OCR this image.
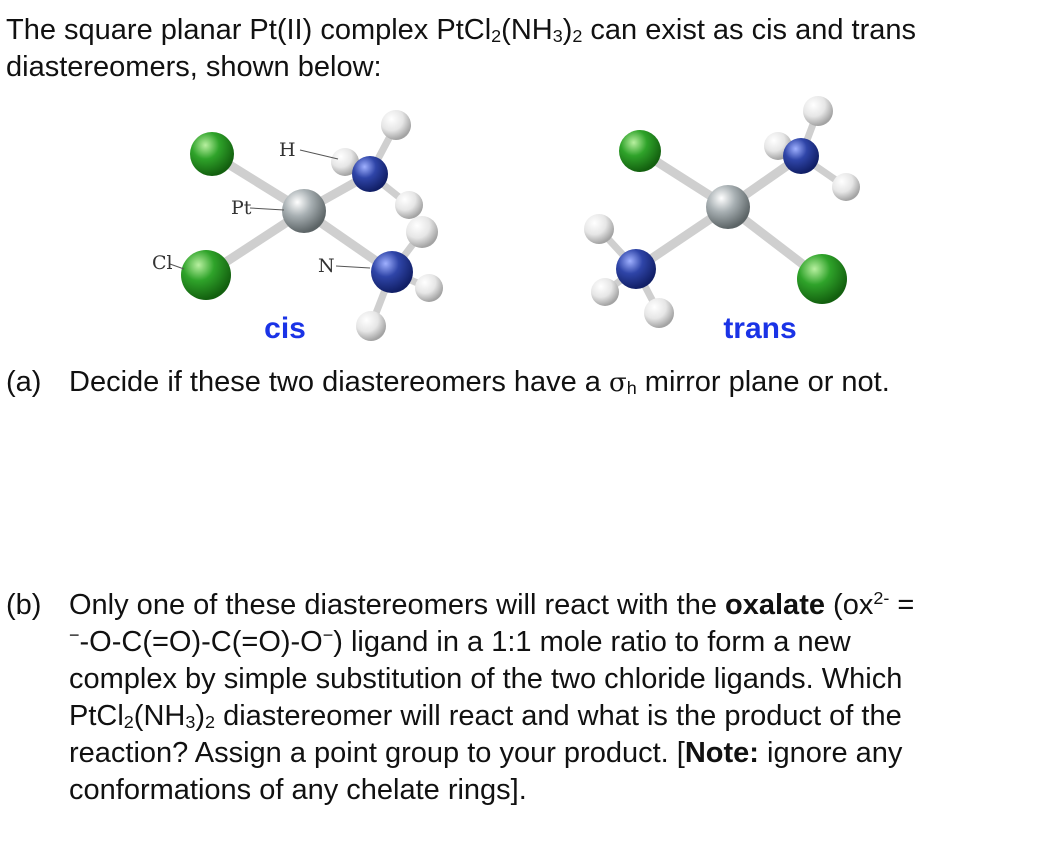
The square planar Pt(II) complex $PtCl_2(NH_3)_2$ can exist as cis and trans
diastereomers, shown below:
H
Pt
Cl	N
cis	trans
(a) Decide if these two diastereomers have a $\sigma_h$ mirror plane or not.
(b) Only one of these diastereomers will react with the oxalate ($ox^{2-}$ =
−-O-C(=O)-C(=O)-O−) ligand in a 1:1 mole ratio to form a new
complex by simple substitution of the two chloride ligands. Which
$PtCl_2(NH_3)_2$ diastereomer will react and what is the product of the
reaction? Assign a point group to your product. [Note: ignore any
conformations of any chelate rings].
